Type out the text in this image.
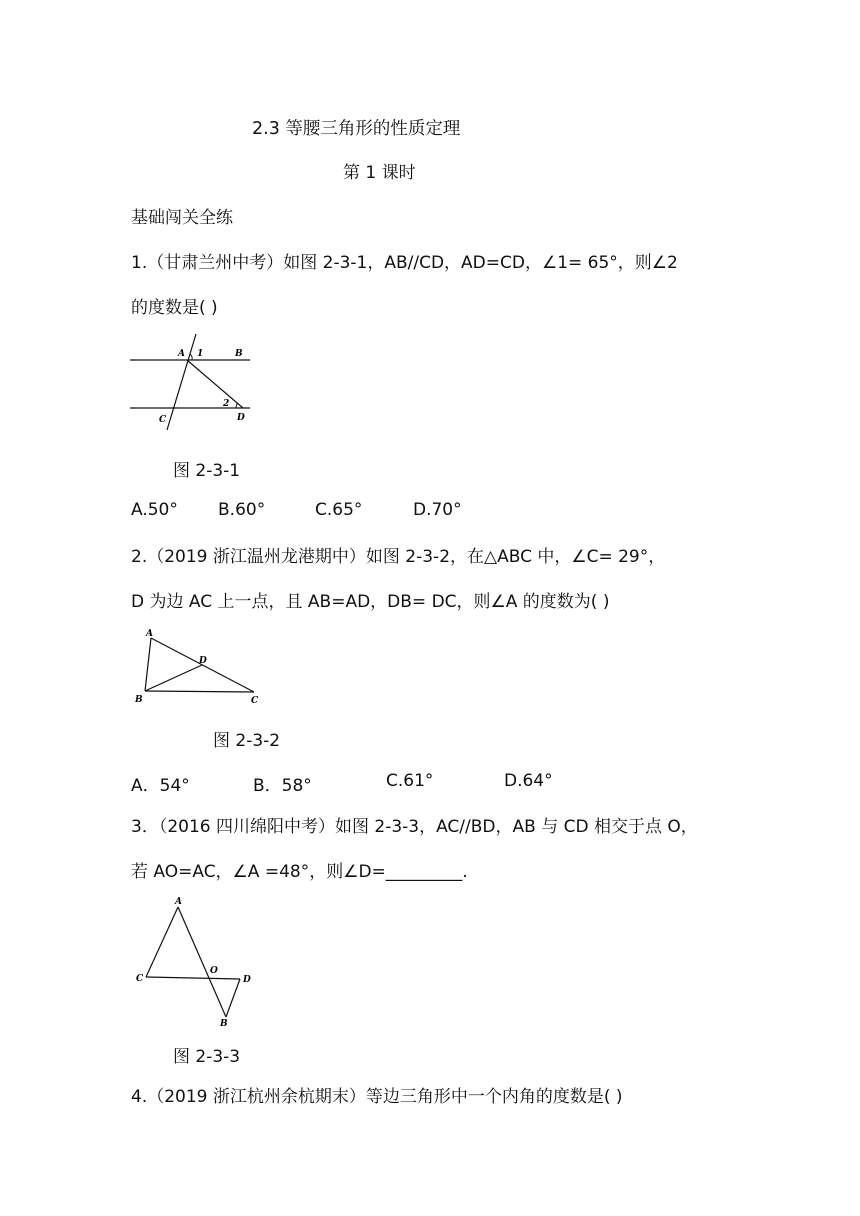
2.3 等腰三角形的性质定理
第 1 课时
基础闯关全练
1.（甘肃兰州中考）如图 2-3-1，AB//CD，AD=CD，∠1= 65°，则∠2
的度数是( )
A 1	B
2
C	D
图 2-3-1
A.50° B.60°	C.65°	D.70°
2.（2019 浙江温州龙港期中）如图 2-3-2，在△ABC 中，∠C= 29°，
D 为边 AC 上一点，且 AB=AD，DB= DC，则∠A 的度数为( )
A
D
B	C
图 2-3-2
A．54°	B．58°	C.61°	D.64°
3．（2016 四川绵阳中考）如图 2-3-3，AC//BD，AB 与 CD 相交于点 O，
若 AO=AC，∠A =48°，则∠D=_________.
A
C
O
D
B
图 2-3-3
4.（2019 浙江杭州余杭期末）等边三角形中一个内角的度数是( )
